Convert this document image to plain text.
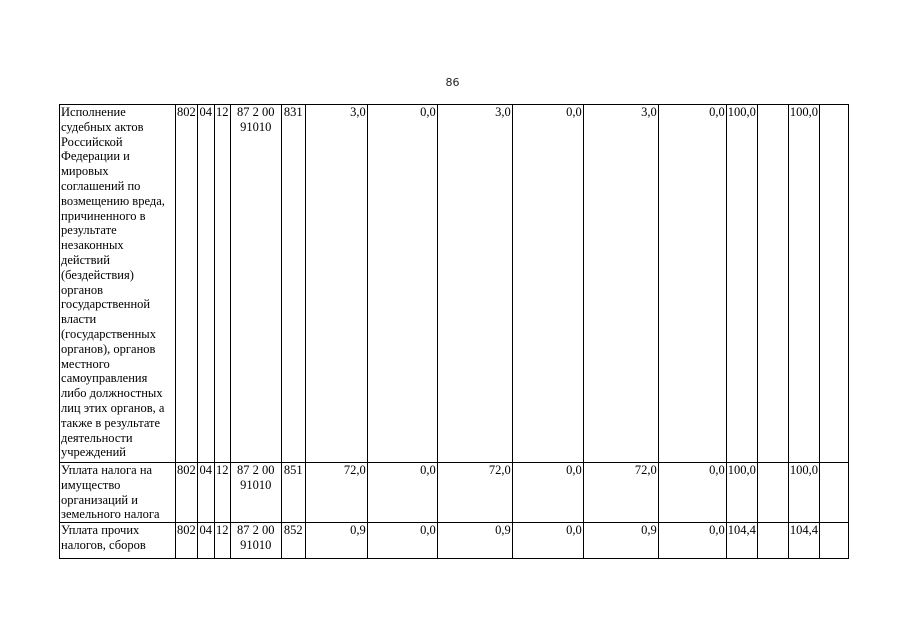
86
Исполнение судебных актов Российской Федерации и мировых соглашений по возмещению вреда, причиненного в результате незаконных действий (бездействия) органов государственной власти (государственных органов), органов местного самоуправления либо должностных лиц этих органов, а также в результате деятельности учреждений	802	04	12	87 2 00 91010	831	3,0	0,0	3,0	0,0	3,0	0,0	100,0		100,0	
Уплата налога на имущество организаций и земельного налога	802	04	12	87 2 00 91010	851	72,0	0,0	72,0	0,0	72,0	0,0	100,0		100,0	
Уплата прочих налогов, сборов	802	04	12	87 2 00 91010	852	0,9	0,0	0,9	0,0	0,9	0,0	104,4		104,4	
